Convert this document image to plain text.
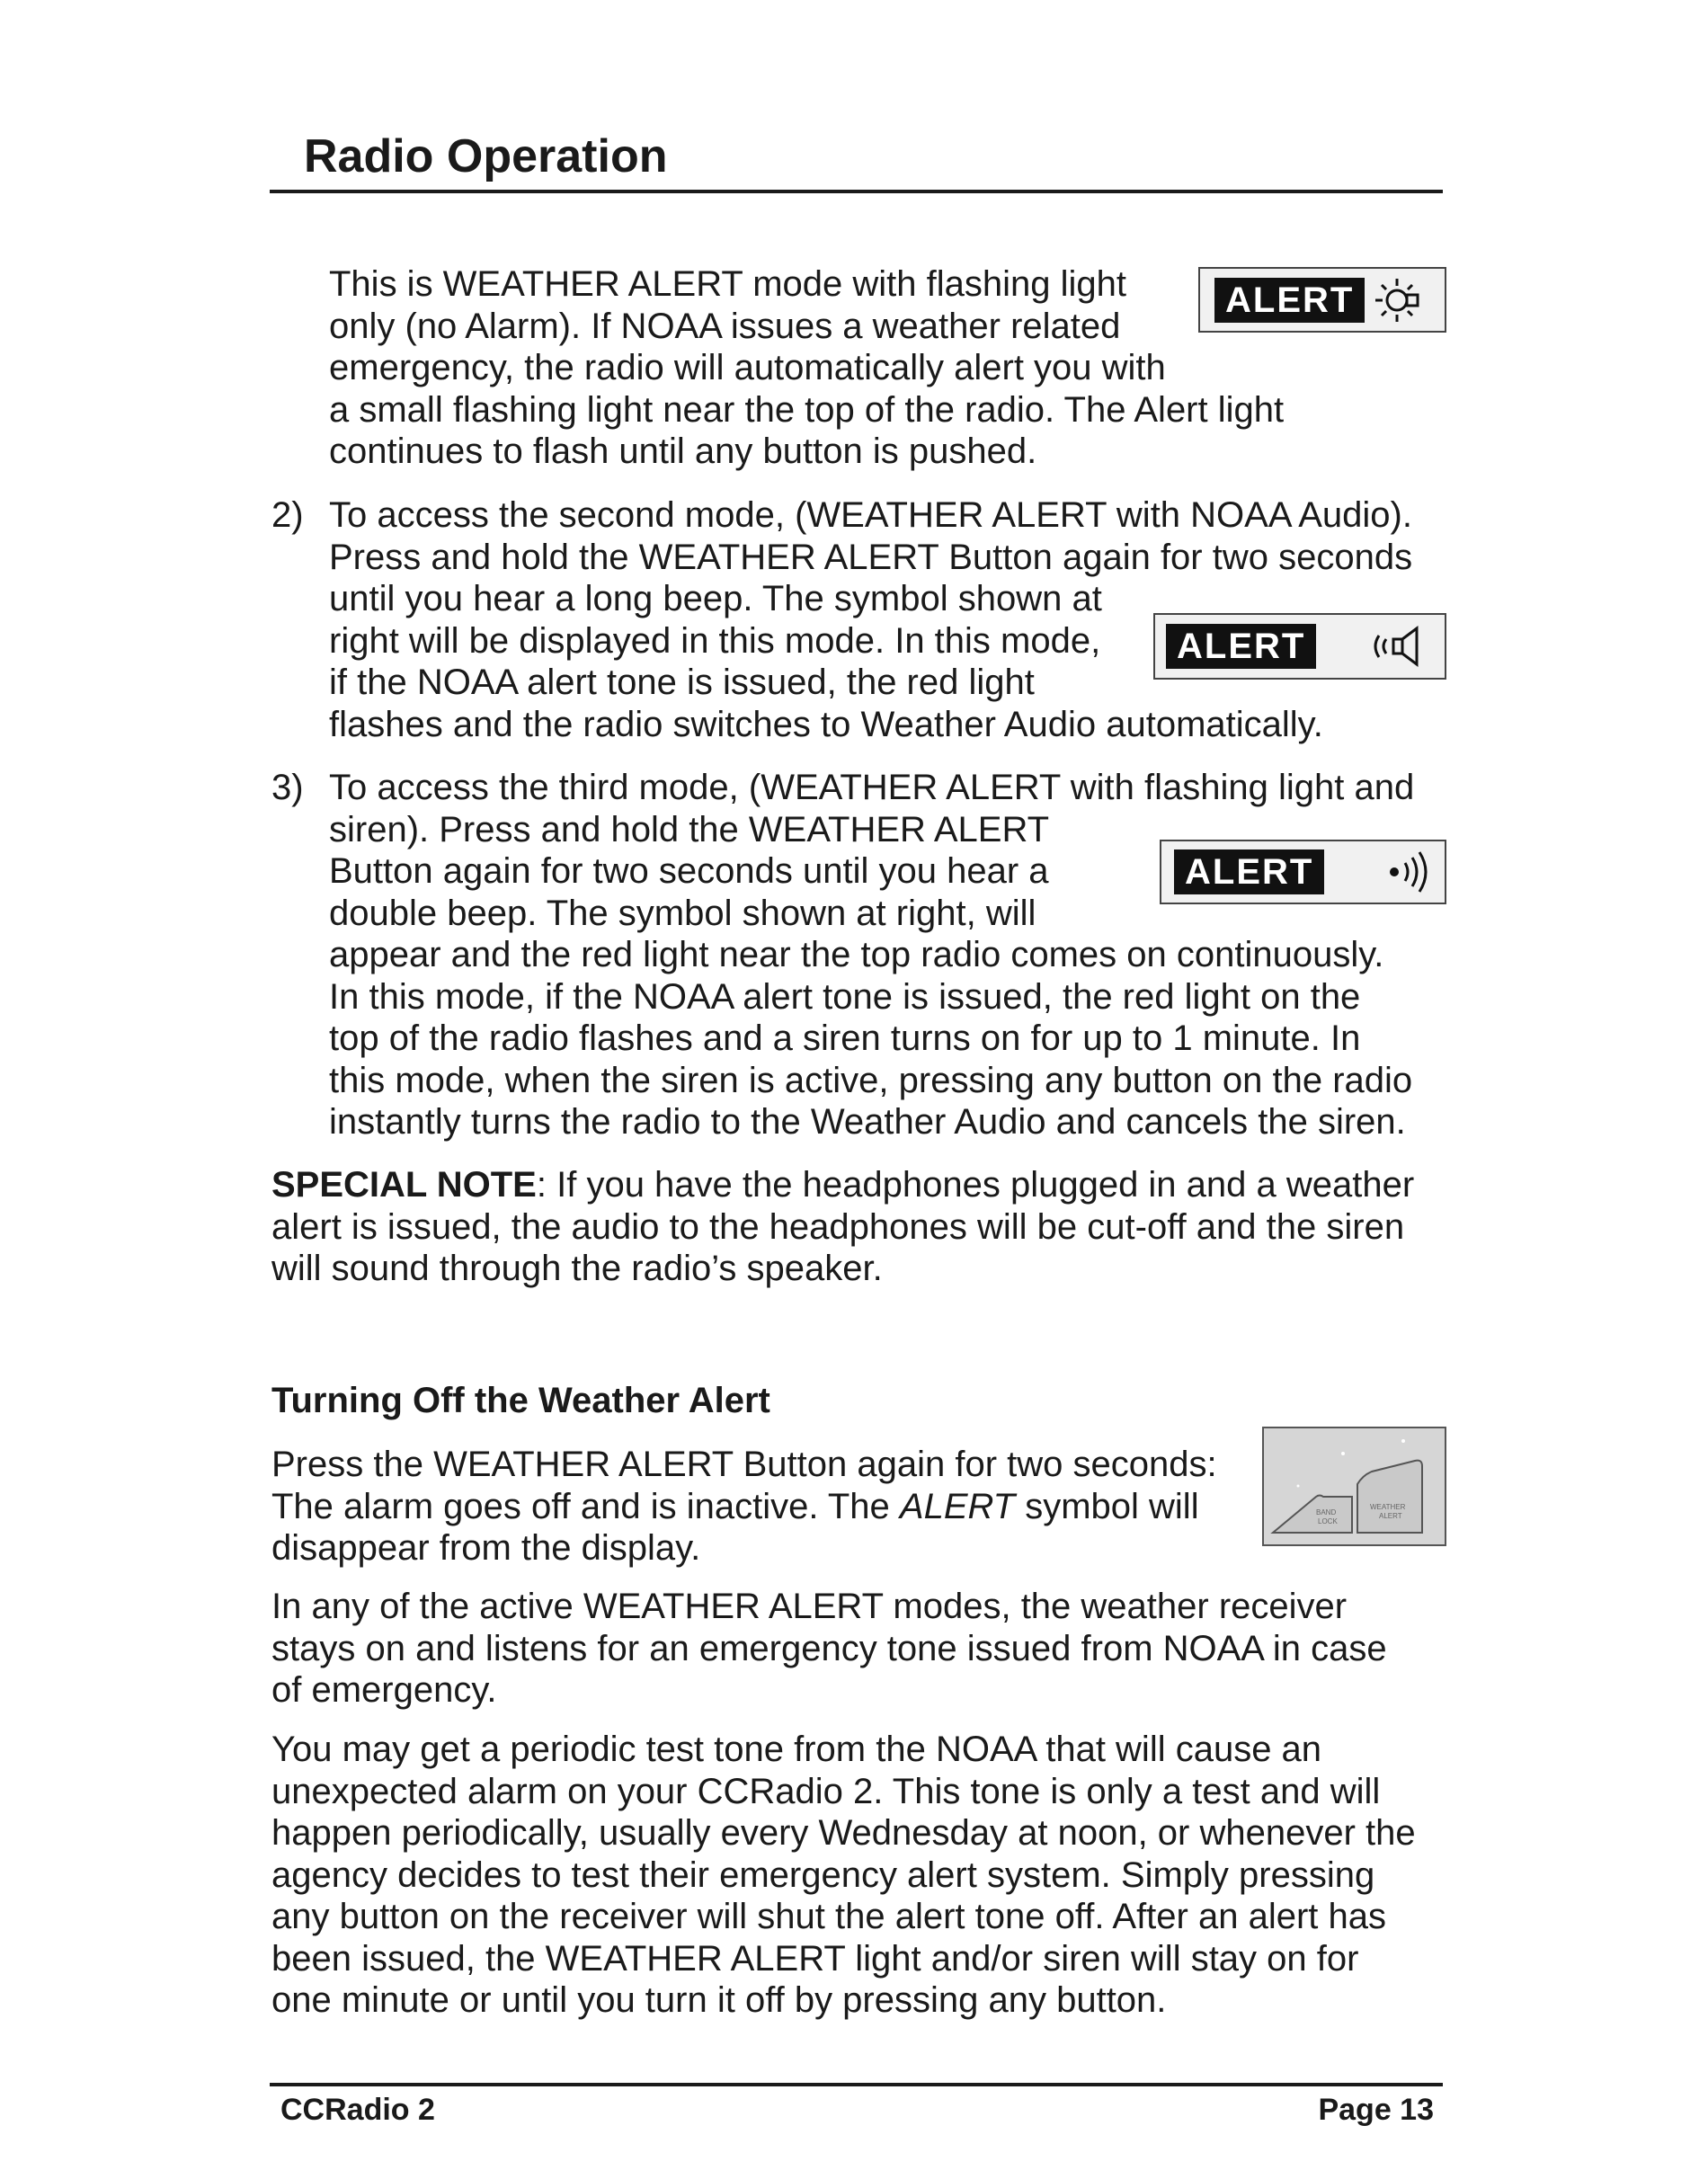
Radio Operation
This is WEATHER ALERT mode with flashing light
only (no Alarm). If NOAA issues a weather related
emergency, the radio will automatically alert you with
a small flashing light near the top of the radio. The Alert light
continues to flash until any button is pushed.
ALERT
2) To access the second mode, (WEATHER ALERT with NOAA Audio).
Press and hold the WEATHER ALERT Button again for two seconds
until you hear a long beep. The symbol shown at
right will be displayed in this mode. In this mode,
if the NOAA alert tone is issued, the red light
flashes and the radio switches to Weather Audio automatically.
ALERT
3) To access the third mode, (WEATHER ALERT with flashing light and
siren). Press and hold the WEATHER ALERT
Button again for two seconds until you hear a
double beep. The symbol shown at right, will
appear and the red light near the top radio comes on continuously.
In this mode, if the NOAA alert tone is issued, the red light on the
top of the radio flashes and a siren turns on for up to 1 minute. In
this mode, when the siren is active, pressing any button on the radio
instantly turns the radio to the Weather Audio and cancels the siren.
ALERT
SPECIAL NOTE: If you have the headphones plugged in and a weather
alert is issued, the audio to the headphones will be cut-off and the siren
will sound through the radio’s speaker.
Turning Off the Weather Alert
Press the WEATHER ALERT Button again for two seconds:
The alarm goes off and is inactive. The ALERT symbol will
disappear from the display.
BAND
LOCK
WEATHER
ALERT
In any of the active WEATHER ALERT modes, the weather receiver
stays on and listens for an emergency tone issued from NOAA in case
of emergency.
You may get a periodic test tone from the NOAA that will cause an
unexpected alarm on your CCRadio 2. This tone is only a test and will
happen periodically, usually every Wednesday at noon, or whenever the
agency decides to test their emergency alert system. Simply pressing
any button on the receiver will shut the alert tone off. After an alert has
been issued, the WEATHER ALERT light and/or siren will stay on for
one minute or until you turn it off by pressing any button.
CCRadio 2	Page 13
